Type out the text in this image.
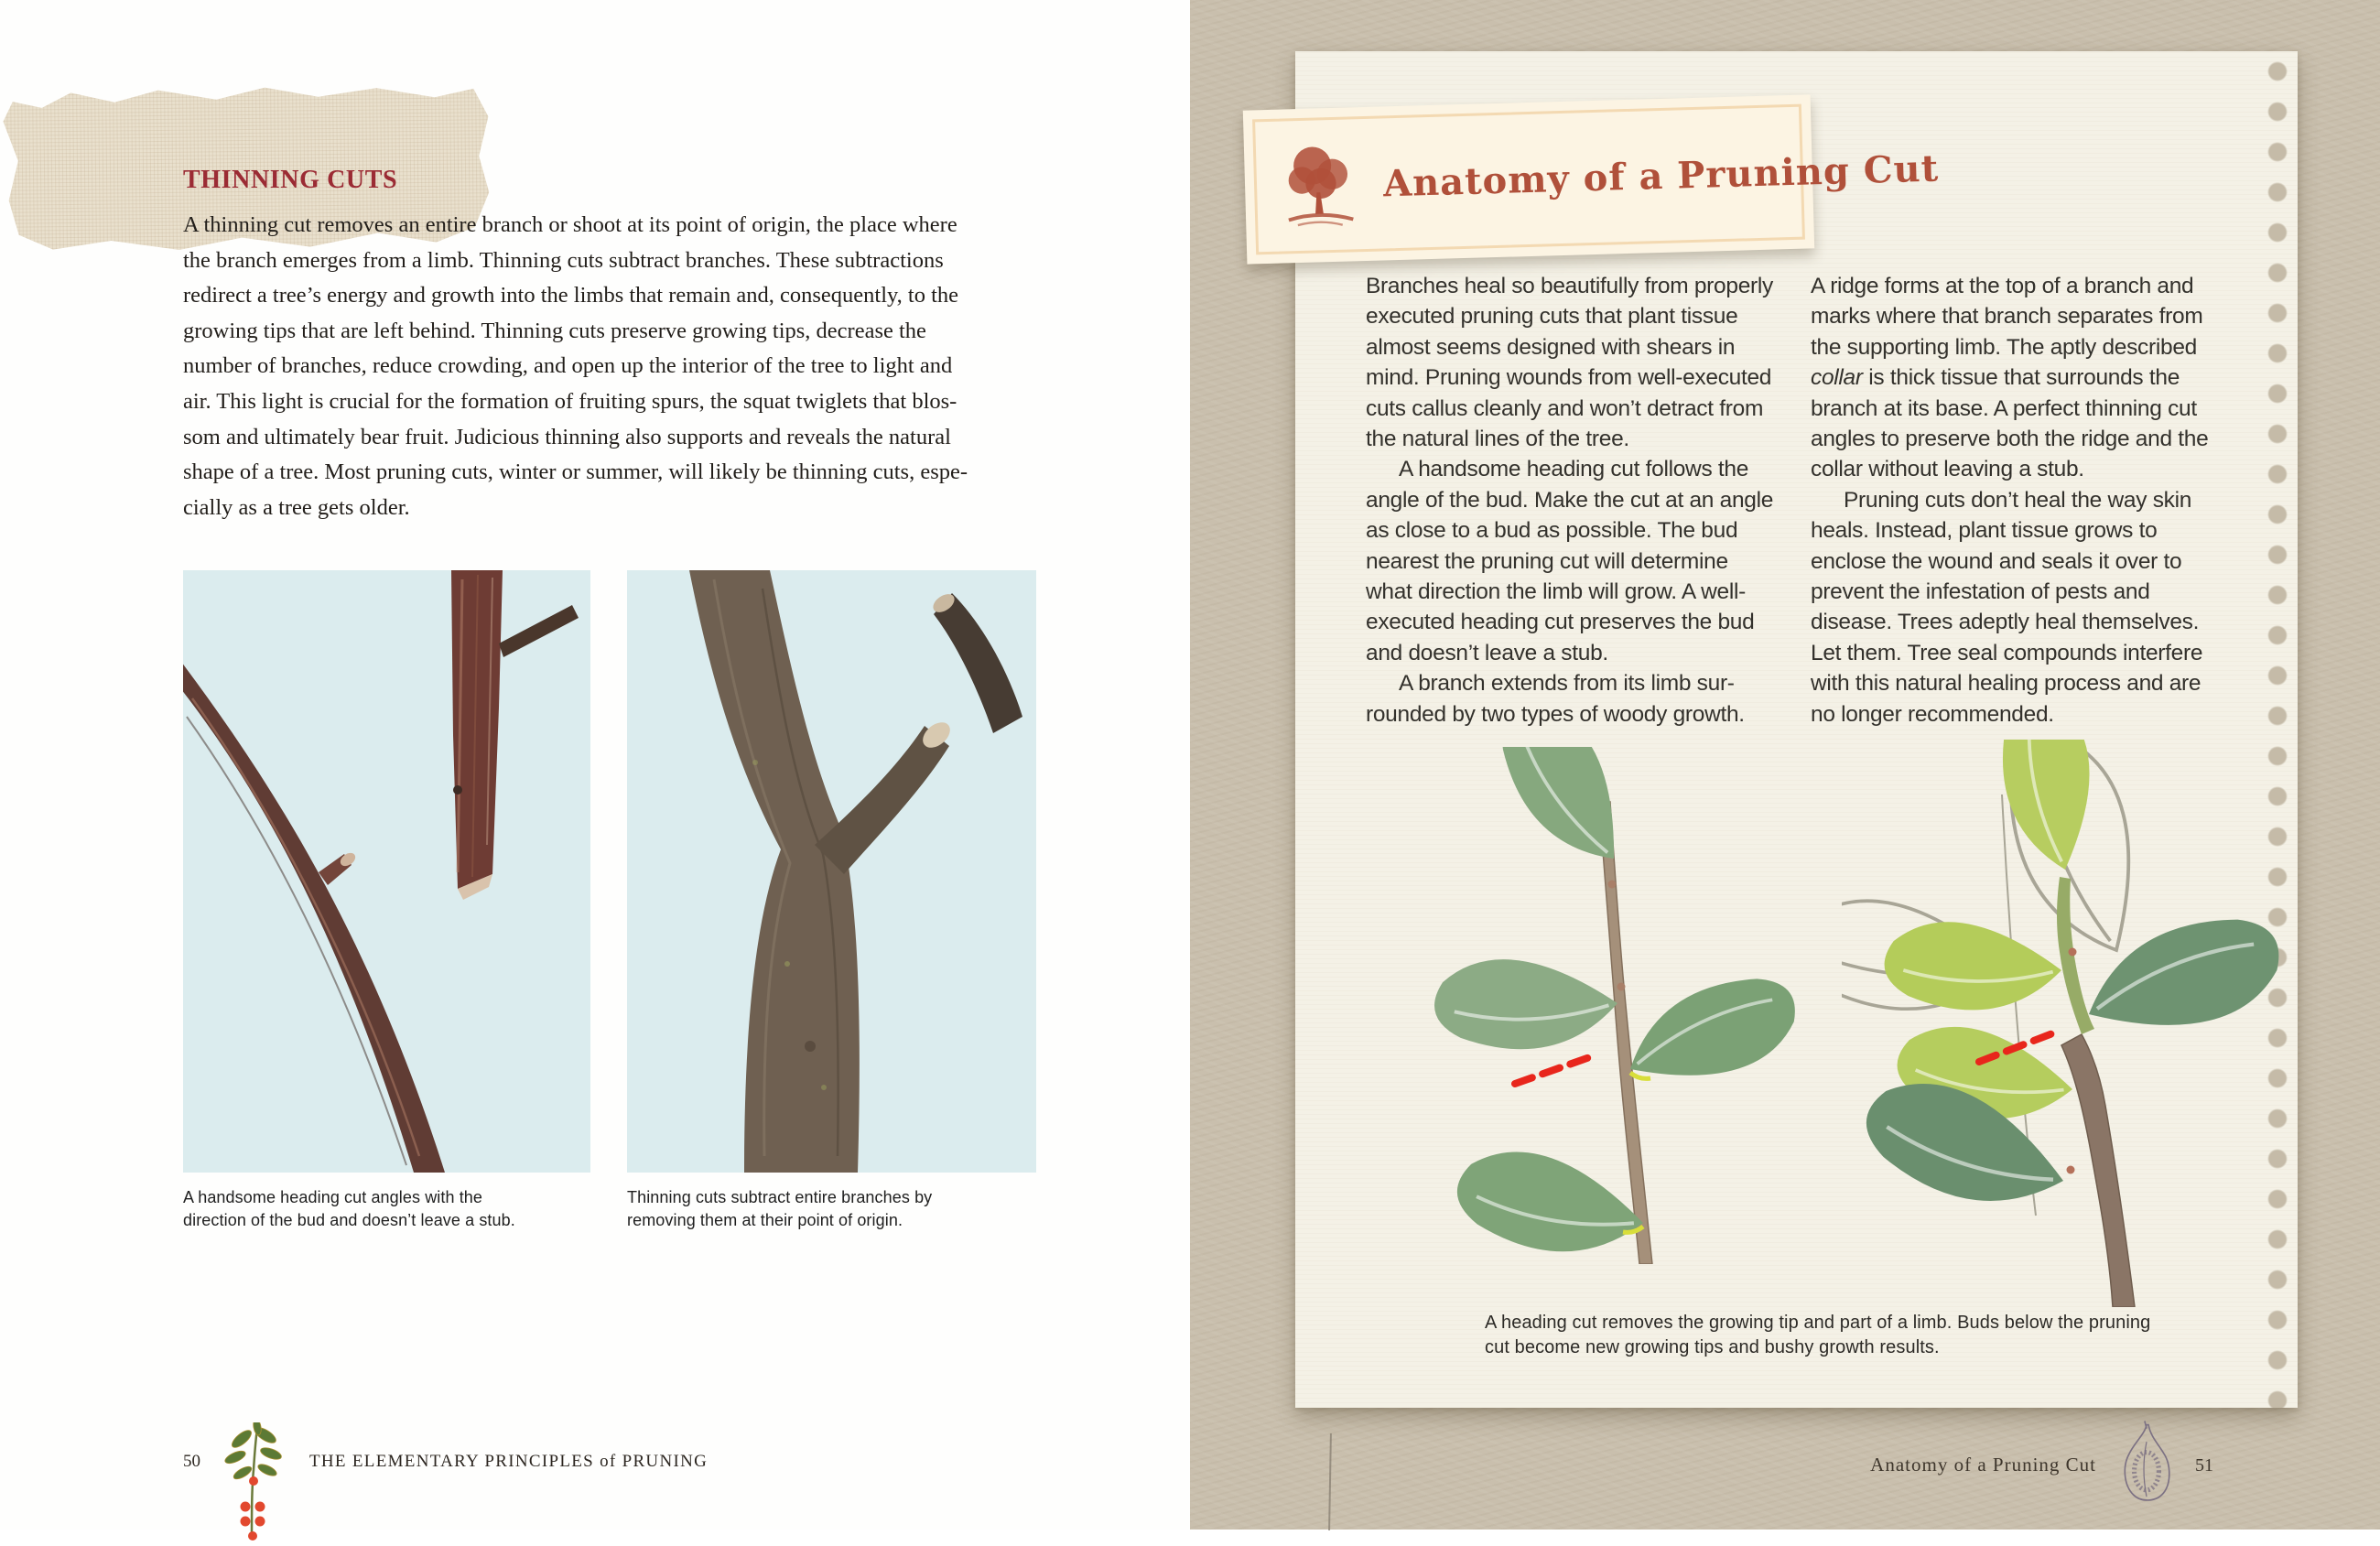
THINNING CUTS
A thinning cut removes an entire branch or shoot at its point of origin, the place where
the branch emerges from a limb. Thinning cuts subtract branches. These subtractions
redirect a tree’s energy and growth into the limbs that remain and, consequently, to the
growing tips that are left behind. Thinning cuts preserve growing tips, decrease the
number of branches, reduce crowding, and open up the interior of the tree to light and
air. This light is crucial for the formation of fruiting spurs, the squat twiglets that blos-
som and ultimately bear fruit. Judicious thinning also supports and reveals the natural
shape of a tree. Most pruning cuts, winter or summer, will likely be thinning cuts, espe-
cially as a tree gets older.
A handsome heading cut angles with the
direction of the bud and doesn’t leave a stub.
Thinning cuts subtract entire branches by
removing them at their point of origin.
50	THE ELEMENTARY PRINCIPLES of PRUNING
Anatomy of a Pruning Cut
Branches heal so beautifully from properly
executed pruning cuts that plant tissue
almost seems designed with shears in
mind. Pruning wounds from well-executed
cuts callus cleanly and won’t detract from
the natural lines of the tree.
A handsome heading cut follows the
angle of the bud. Make the cut at an angle
as close to a bud as possible. The bud
nearest the pruning cut will determine
what direction the limb will grow. A well-
executed heading cut preserves the bud
and doesn’t leave a stub.
A branch extends from its limb sur-
rounded by two types of woody growth.
A ridge forms at the top of a branch and
marks where that branch separates from
the supporting limb. The aptly described
collar is thick tissue that surrounds the
branch at its base. A perfect thinning cut
angles to preserve both the ridge and the
collar without leaving a stub.
Pruning cuts don’t heal the way skin
heals. Instead, plant tissue grows to
enclose the wound and seals it over to
prevent the infestation of pests and
disease. Trees adeptly heal themselves.
Let them. Tree seal compounds interfere
with this natural healing process and are
no longer recommended.
A heading cut removes the growing tip and part of a limb. Buds below the pruning
cut become new growing tips and bushy growth results.
Anatomy of a Pruning Cut	51
